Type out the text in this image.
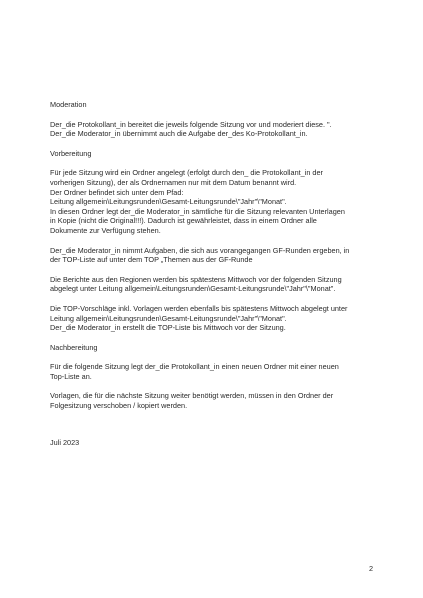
Moderation

Der_die Protokollant_in bereitet die jeweils folgende Sitzung vor und moderiert diese. ".
Der_die Moderator_in übernimmt auch die Aufgabe der_des Ko-Protokollant_in.

Vorbereitung

Für jede Sitzung wird ein Ordner angelegt (erfolgt durch den_ die Protokollant_in der
vorherigen Sitzung), der als Ordnernamen nur mit dem Datum benannt wird.
Der Ordner befindet sich unter dem Pfad:
Leitung allgemein\Leitungsrunden\Gesamt-Leitungsrunde\"Jahr"\"Monat".
In diesen Ordner legt der_die Moderator_in sämtliche für die Sitzung relevanten Unterlagen
in Kopie (nicht die Original!!!). Dadurch ist gewährleistet, dass in einem Ordner alle
Dokumente zur Verfügung stehen.

Der_die Moderator_in nimmt Aufgaben, die sich aus vorangegangen GF-Runden ergeben, in
der TOP-Liste auf unter dem TOP „Themen aus der GF-Runde

Die Berichte aus den Regionen werden bis spätestens Mittwoch vor der folgenden Sitzung
abgelegt unter Leitung allgemein\Leitungsrunden\Gesamt-Leitungsrunde\"Jahr"\"Monat".

Die TOP-Vorschläge inkl. Vorlagen werden ebenfalls bis spätestens Mittwoch abgelegt unter
Leitung allgemein\Leitungsrunden\Gesamt-Leitungsrunde\"Jahr"\"Monat".
Der_die Moderator_in erstellt die TOP-Liste bis Mittwoch vor der Sitzung.

Nachbereitung

Für die folgende Sitzung legt der_die Protokollant_in einen neuen Ordner mit einer neuen
Top-Liste an.

Vorlagen, die für die nächste Sitzung weiter benötigt werden, müssen in den Ordner der
Folgesitzung verschoben / kopiert werden.

Juli 2023
2
